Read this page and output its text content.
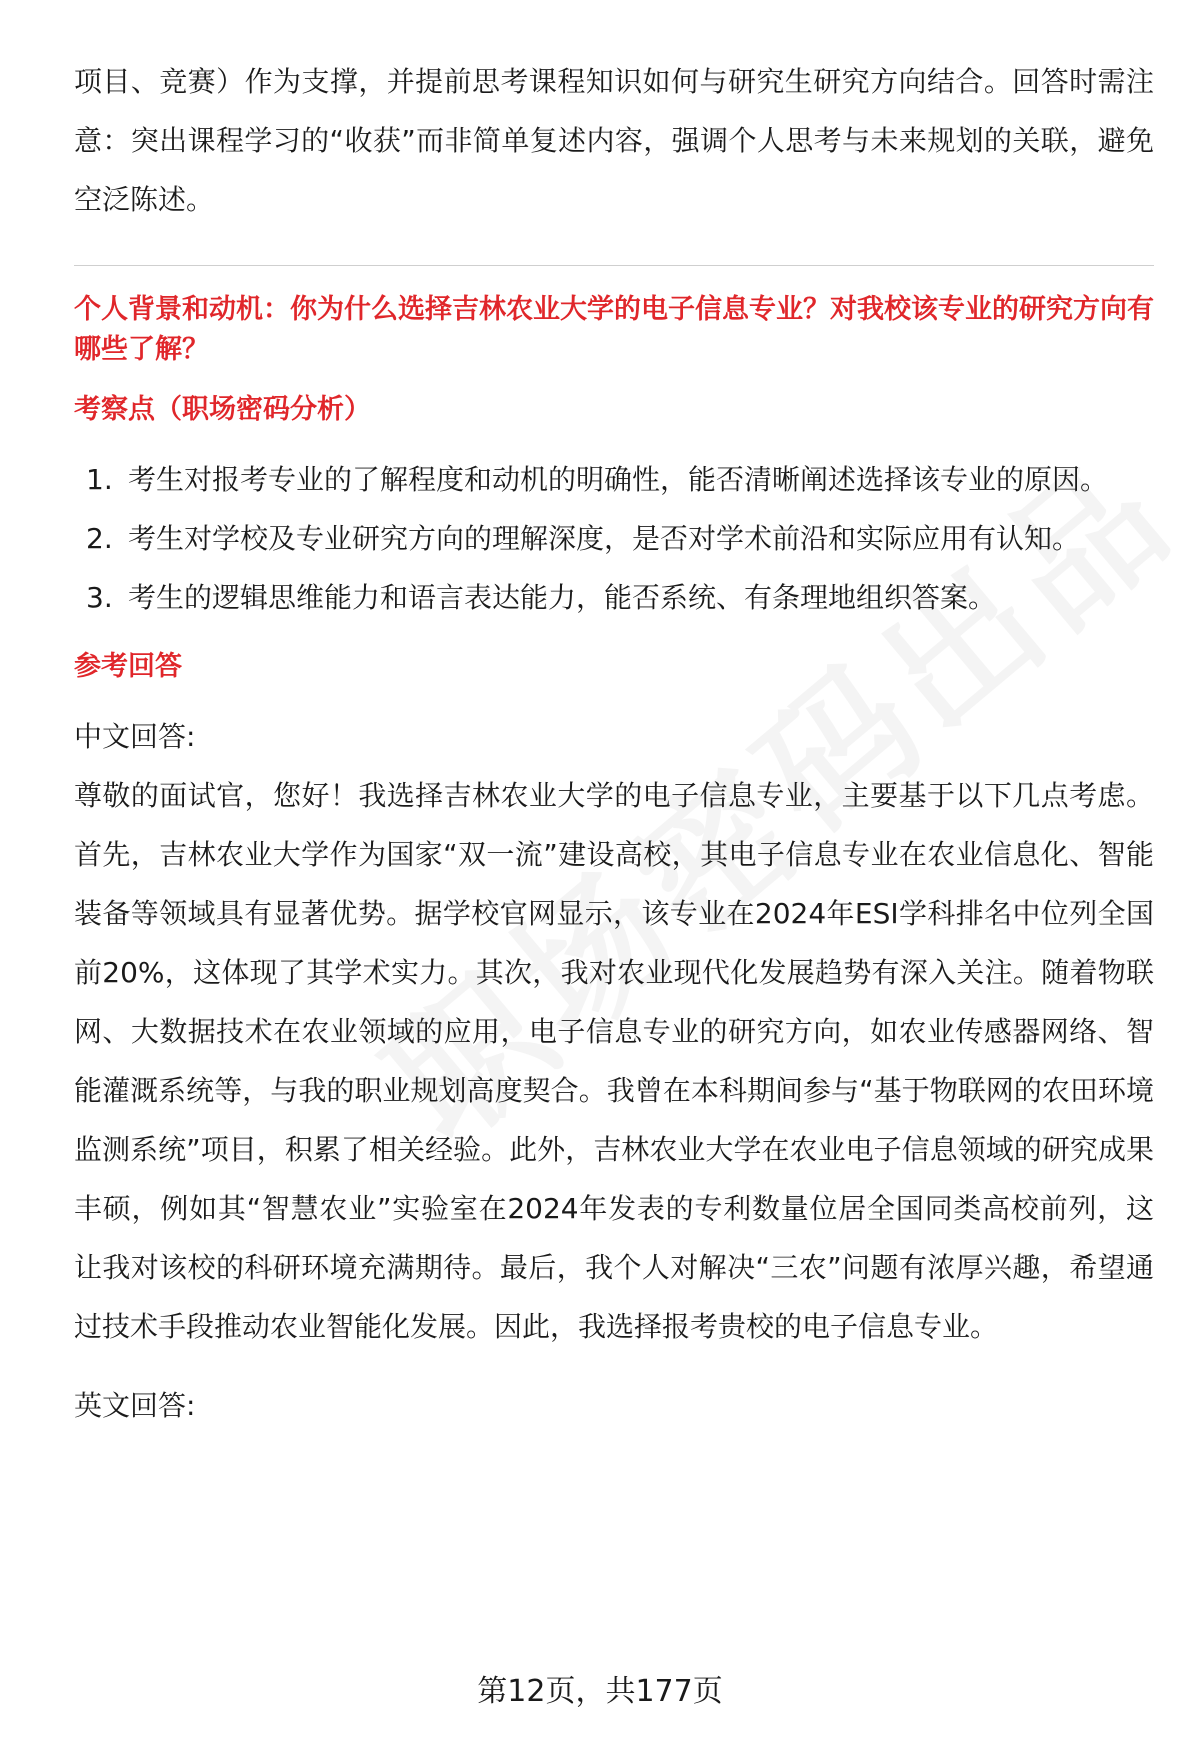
项目、竞赛）作为支撑，并提前思考课程知识如何与研究生研究方向结合。回答时需注意：突出课程学习的“收获”而非简单复述内容，强调个人思考与未来规划的关联，避免空泛陈述。

个人背景和动机：你为什么选择吉林农业大学的电子信息专业？对我校该专业的研究方向有哪些了解？

考察点（职场密码分析）

1. 考生对报考专业的了解程度和动机的明确性，能否清晰阐述选择该专业的原因。
2. 考生对学校及专业研究方向的理解深度，是否对学术前沿和实际应用有认知。
3. 考生的逻辑思维能力和语言表达能力，能否系统、有条理地组织答案。

参考回答

中文回答:

尊敬的面试官，您好！我选择吉林农业大学的电子信息专业，主要基于以下几点考虑。首先，吉林农业大学作为国家“双一流”建设高校，其电子信息专业在农业信息化、智能装备等领域具有显著优势。据学校官网显示，该专业在2024年ESI学科排名中位列全国前20%，这体现了其学术实力。其次，我对农业现代化发展趋势有深入关注。随着物联网、大数据技术在农业领域的应用，电子信息专业的研究方向，如农业传感器网络、智能灌溉系统等，与我的职业规划高度契合。我曾在本科期间参与“基于物联网的农田环境监测系统”项目，积累了相关经验。此外，吉林农业大学在农业电子信息领域的研究成果丰硕，例如其“智慧农业”实验室在2024年发表的专利数量位居全国同类高校前列，这让我对该校的科研环境充满期待。最后，我个人对解决“三农”问题有浓厚兴趣，希望通过技术手段推动农业智能化发展。因此，我选择报考贵校的电子信息专业。

英文回答:

第12页，共177页
